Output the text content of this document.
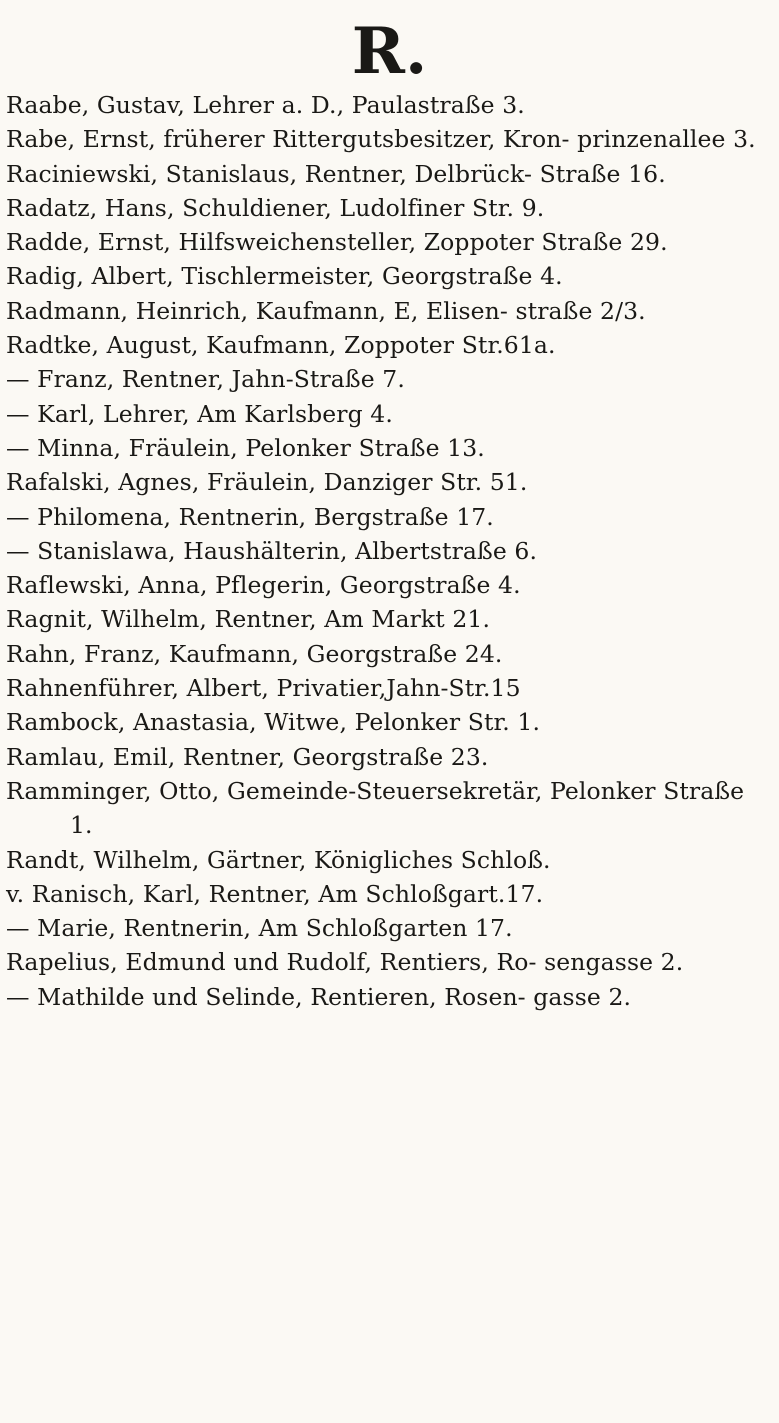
R.
Raabe, Gustav, Lehrer a. D., Paulastraße 3.
Rabe, Ernst, früherer Rittergutsbesitzer, Kron- prinzenallee 3.
Raciniewski, Stanislaus, Rentner, Delbrück- Straße 16.
Radatz, Hans, Schuldiener, Ludolfiner Str. 9.
Radde, Ernst, Hilfsweichensteller, Zoppoter Straße 29.
Radig, Albert, Tischlermeister, Georgstraße 4.
Radmann, Heinrich, Kaufmann, E, Elisen- straße 2/3.
Radtke, August, Kaufmann, Zoppoter Str.61a.
— Franz, Rentner, Jahn-Straße 7.
— Karl, Lehrer, Am Karlsberg 4.
— Minna, Fräulein, Pelonker Straße 13.
Rafalski, Agnes, Fräulein, Danziger Str. 51.
— Philomena, Rentnerin, Bergstraße 17.
— Stanislawa, Haushälterin, Albertstraße 6.
Raflewski, Anna, Pflegerin, Georgstraße 4.
Ragnit, Wilhelm, Rentner, Am Markt 21.
Rahn, Franz, Kaufmann, Georgstraße 24.
Rahnenführer, Albert, Privatier,Jahn-Str.15
Rambock, Anastasia, Witwe, Pelonker Str. 1.
Ramlau, Emil, Rentner, Georgstraße 23.
Ramminger, Otto, Gemeinde-Steuersekretär, Pelonker Straße 1.
Randt, Wilhelm, Gärtner, Königliches Schloß.
v. Ranisch, Karl, Rentner, Am Schloßgart.17.
— Marie, Rentnerin, Am Schloßgarten 17.
Rapelius, Edmund und Rudolf, Rentiers, Ro- sengasse 2.
— Mathilde und Selinde, Rentieren, Rosen- gasse 2.
